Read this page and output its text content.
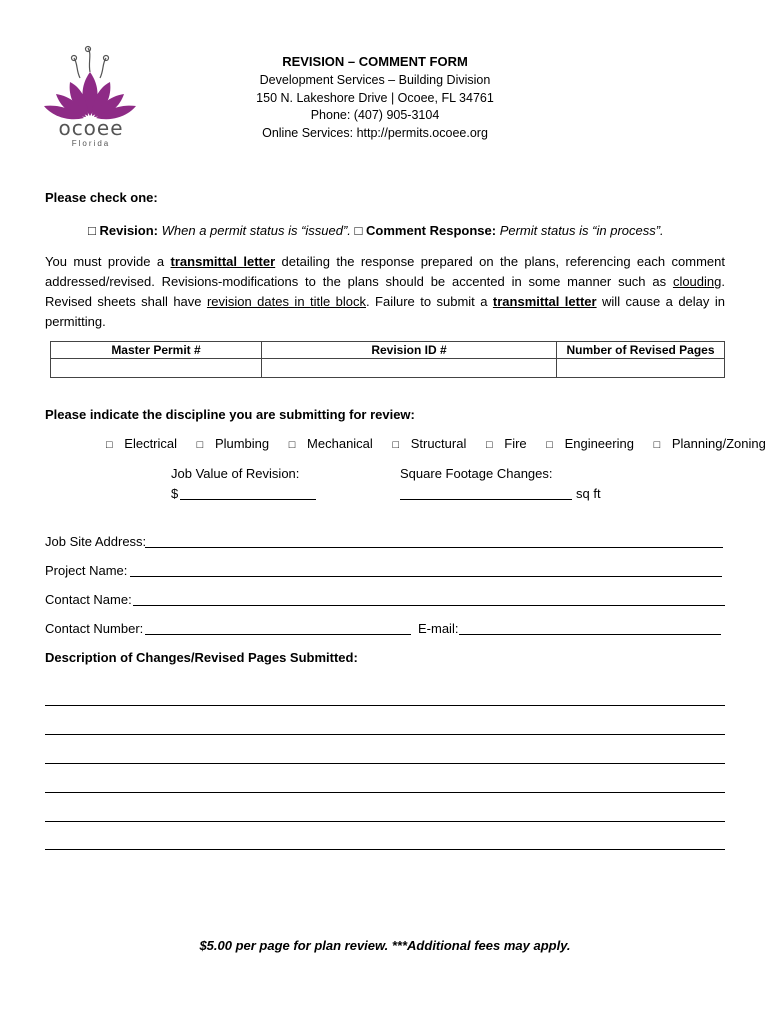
ocoee
Florida
REVISION – COMMENT FORM
Development Services – Building Division
150 N. Lakeshore Drive | Ocoee, FL 34761
Phone: (407) 905-3104
Online Services: http://permits.ocoee.org
Please check one:
□ Revision: When a permit status is “issued”. □ Comment Response: Permit status is “in process”.
You must provide a transmittal letter detailing the response prepared on the plans, referencing each comment addressed/revised. Revisions-modifications to the plans should be accented in some manner such as clouding. Revised sheets shall have revision dates in title block. Failure to submit a transmittal letter will cause a delay in permitting.
Master Permit #	Revision ID #	Number of Revised Pages

Please indicate the discipline you are submitting for review:
□ Electrical □ Plumbing □ Mechanical □ Structural □ Fire □ Engineering □ Planning/Zoning
Job Value of Revision:
$
Square Footage Changes:
sq ft
Job Site Address:
Project Name:
Contact Name:
Contact Number:	E-mail:
Description of Changes/Revised Pages Submitted:
$5.00 per page for plan review. ***Additional fees may apply.
